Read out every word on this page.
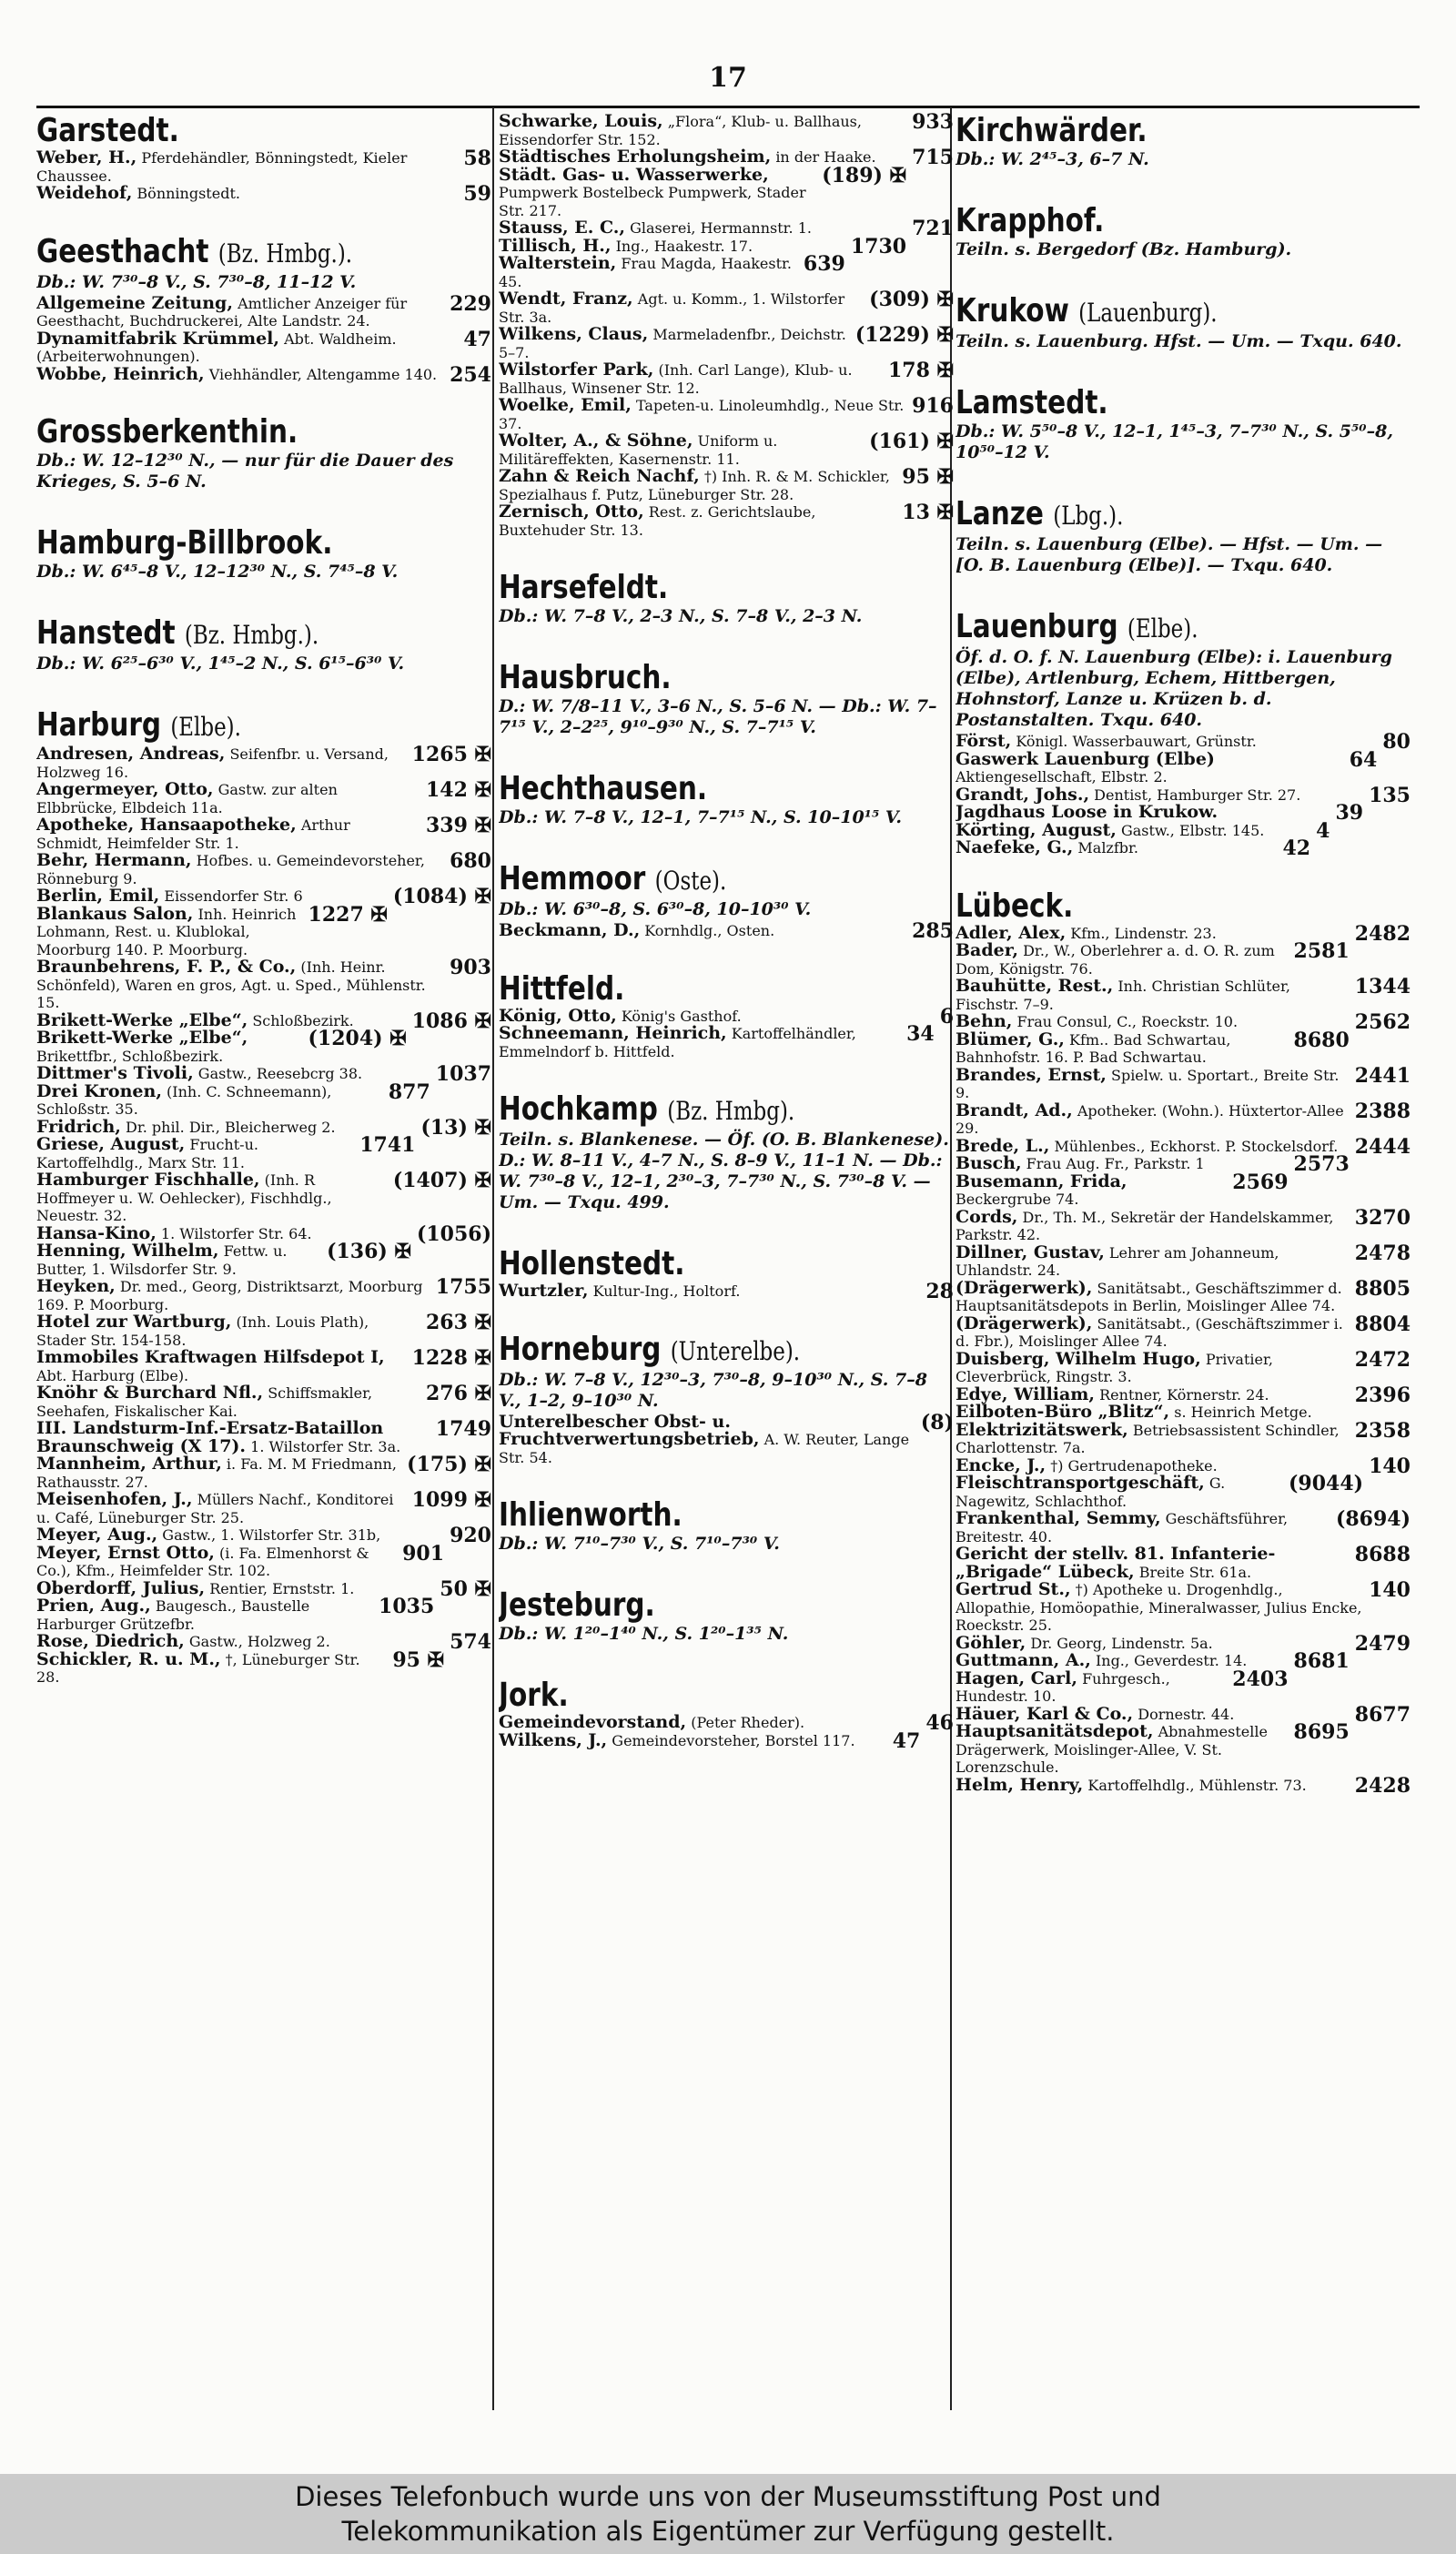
17
Garstedt.
58
Weber, H., Pferdehändler, Bönningstedt, Kieler Chaussee.
59
Weidehof, Bönningstedt.
Geesthacht (Bz. Hmbg.).
Db.: W. 7³⁰–8 V., S. 7³⁰–8, 11–12 V.
229
Allgemeine Zeitung, Amtlicher Anzeiger für Geesthacht, Buchdruckerei, Alte Landstr. 24.
47
Dynamitfabrik Krümmel, Abt. Waldheim. (Arbeiterwohnungen).
254
Wobbe, Heinrich, Viehhändler, Altengamme 140.
Grossberkenthin.
Db.: W. 12–12³⁰ N., — nur für die Dauer des Krieges, S. 5–6 N.
Hamburg-Billbrook.
Db.: W. 6⁴⁵–8 V., 12–12³⁰ N., S. 7⁴⁵–8 V.
Hanstedt (Bz. Hmbg.).
Db.: W. 6²⁵–6³⁰ V., 1⁴⁵–2 N., S. 6¹⁵–6³⁰ V.
Harburg (Elbe).
1265 ✠
Andresen, Andreas, Seifenfbr. u. Versand, Holzweg 16.
142 ✠
Angermeyer, Otto, Gastw. zur alten Elbbrücke, Elbdeich 11a.
339 ✠
Apotheke, Hansaapotheke, Arthur Schmidt, Heimfelder Str. 1.
680
Behr, Hermann, Hofbes. u. Gemeindevorsteher, Rönneburg 9.
(1084) ✠
Berlin, Emil, Eissendorfer Str. 6
1227 ✠
Blankaus Salon, Inh. Heinrich Lohmann, Rest. u. Klublokal, Moorburg 140. P. Moorburg.
903
Braunbehrens, F. P., & Co., (Inh. Heinr. Schönfeld), Waren en gros, Agt. u. Sped., Mühlenstr. 15.
1086 ✠
Brikett-Werke „Elbe“, Schloßbezirk.
(1204) ✠
Brikett-Werke „Elbe“, Brikettfbr., Schloßbezirk.
1037
Dittmer's Tivoli, Gastw., Reesebcrg 38.
877
Drei Kronen, (Inh. C. Schneemann), Schloßstr. 35.
(13) ✠
Fridrich, Dr. phil. Dir., Bleicherweg 2.
1741
Griese, August, Frucht-u. Kartoffelhdlg., Marx Str. 11.
(1407) ✠
Hamburger Fischhalle, (Inh. R Hoffmeyer u. W. Oehlecker), Fischhdlg., Neuestr. 32.
(1056)
Hansa-Kino, 1. Wilstorfer Str. 64.
(136) ✠
Henning, Wilhelm, Fettw. u. Butter, 1. Wilsdorfer Str. 9.
1755
Heyken, Dr. med., Georg, Distriktsarzt, Moorburg 169. P. Moorburg.
263 ✠
Hotel zur Wartburg, (Inh. Louis Plath), Stader Str. 154-158.
1228 ✠
Immobiles Kraftwagen Hilfsdepot I, Abt. Harburg (Elbe).
276 ✠
Knöhr & Burchard Nfl., Schiffsmakler, Seehafen, Fiskalischer Kai.
1749
III. Landsturm-Inf.-Ersatz-Bataillon Braunschweig (X 17). 1. Wilstorfer Str. 3a.
(175) ✠
Mannheim, Arthur, i. Fa. M. M Friedmann, Rathausstr. 27.
1099 ✠
Meisenhofen, J., Müllers Nachf., Konditorei u. Café, Lüneburger Str. 25.
920
Meyer, Aug., Gastw., 1. Wilstorfer Str. 31b,
901
Meyer, Ernst Otto, (i. Fa. Elmenhorst & Co.), Kfm., Heimfelder Str. 102.
50 ✠
Oberdorff, Julius, Rentier, Ernststr. 1.
1035
Prien, Aug., Baugesch., Baustelle Harburger Grützefbr.
574
Rose, Diedrich, Gastw., Holzweg 2.
95 ✠
Schickler, R. u. M., †, Lüneburger Str. 28.
933
Schwarke, Louis, „Flora“, Klub- u. Ballhaus, Eissendorfer Str. 152.
715
Städtisches Erholungsheim, in der Haake.
(189) ✠
Städt. Gas- u. Wasserwerke, Pumpwerk Bostelbeck Pumpwerk, Stader Str. 217.
721
Stauss, E. C., Glaserei, Hermannstr. 1.
1730
Tillisch, H., Ing., Haakestr. 17.
639
Walterstein, Frau Magda, Haakestr. 45.
(309) ✠
Wendt, Franz, Agt. u. Komm., 1. Wilstorfer Str. 3a.
(1229) ✠
Wilkens, Claus, Marmeladenfbr., Deichstr. 5–7.
178 ✠
Wilstorfer Park, (Inh. Carl Lange), Klub- u. Ballhaus, Winsener Str. 12.
916
Woelke, Emil, Tapeten-u. Linoleumhdlg., Neue Str. 37.
(161) ✠
Wolter, A., & Söhne, Uniform u. Militäreffekten, Kasernenstr. 11.
95 ✠
Zahn & Reich Nachf, †) Inh. R. & M. Schickler, Spezialhaus f. Putz, Lüneburger Str. 28.
13 ✠
Zernisch, Otto, Rest. z. Gerichtslaube, Buxtehuder Str. 13.
Harsefeldt.
Db.: W. 7–8 V., 2–3 N., S. 7–8 V., 2–3 N.
Hausbruch.
D.: W. 7/8–11 V., 3–6 N., S. 5–6 N. — Db.: W. 7–7¹⁵ V., 2–2²⁵, 9¹⁰–9³⁰ N., S. 7–7¹⁵ V.
Hechthausen.
Db.: W. 7–8 V., 12–1, 7–7¹⁵ N., S. 10–10¹⁵ V.
Hemmoor (Oste).
Db.: W. 6³⁰–8, S. 6³⁰–8, 10–10³⁰ V.
285
Beckmann, D., Kornhdlg., Osten.
Hittfeld.
6
König, Otto, König's Gasthof.
34
Schneemann, Heinrich, Kartoffelhändler, Emmelndorf b. Hittfeld.
Hochkamp (Bz. Hmbg).
Teiln. s. Blankenese. — Öf. (O. B. Blankenese). D.: W. 8–11 V., 4–7 N., S. 8–9 V., 11–1 N. — Db.: W. 7³⁰–8 V., 12–1, 2³⁰–3, 7–7³⁰ N., S. 7³⁰–8 V. — Um. — Txqu. 499.
Hollenstedt.
28
Wurtzler, Kultur-Ing., Holtorf.
Horneburg (Unterelbe).
Db.: W. 7–8 V., 12³⁰–3, 7³⁰–8, 9–10³⁰ N., S. 7–8 V., 1–2, 9–10³⁰ N.
(8)
Unterelbescher Obst- u. Fruchtverwertungsbetrieb, A. W. Reuter, Lange Str. 54.
Ihlienworth.
Db.: W. 7¹⁰–7³⁰ V., S. 7¹⁰–7³⁰ V.
Jesteburg.
Db.: W. 1²⁰–1⁴⁰ N., S. 1²⁰–1³⁵ N.
Jork.
46
Gemeindevorstand, (Peter Rheder).
47
Wilkens, J., Gemeindevorsteher, Borstel 117.
Kirchwärder.
Db.: W. 2⁴⁵–3, 6–7 N.
Krapphof.
Teiln. s. Bergedorf (Bz. Hamburg).
Krukow (Lauenburg).
Teiln. s. Lauenburg. Hfst. — Um. — Txqu. 640.
Lamstedt.
Db.: W. 5⁵⁰–8 V., 12–1, 1⁴⁵–3, 7–7³⁰ N., S. 5⁵⁰–8, 10⁵⁰–12 V.
Lanze (Lbg.).
Teiln. s. Lauenburg (Elbe). — Hfst. — Um. — [O. B. Lauenburg (Elbe)]. — Txqu. 640.
Lauenburg (Elbe).
Öf. d. O. f. N. Lauenburg (Elbe): i. Lauenburg (Elbe), Artlenburg, Echem, Hittbergen, Hohnstorf, Lanze u. Krüzen b. d. Postanstalten. Txqu. 640.
80
Först, Königl. Wasserbauwart, Grünstr.
64
Gaswerk Lauenburg (Elbe) Aktiengesellschaft, Elbstr. 2.
135
Grandt, Johs., Dentist, Hamburger Str. 27.
39
Jagdhaus Loose in Krukow.
4
Körting, August, Gastw., Elbstr. 145.
42
Naefeke, G., Malzfbr.
Lübeck.
2482
Adler, Alex, Kfm., Lindenstr. 23.
2581
Bader, Dr., W., Oberlehrer a. d. O. R. zum Dom, Königstr. 76.
1344
Bauhütte, Rest., Inh. Christian Schlüter, Fischstr. 7–9.
2562
Behn, Frau Consul, C., Roeckstr. 10.
8680
Blümer, G., Kfm.. Bad Schwartau, Bahnhofstr. 16. P. Bad Schwartau.
2441
Brandes, Ernst, Spielw. u. Sportart., Breite Str. 9.
2388
Brandt, Ad., Apotheker. (Wohn.). Hüxtertor-Allee 29.
2444
Brede, L., Mühlenbes., Eckhorst. P. Stockelsdorf.
2573
Busch, Frau Aug. Fr., Parkstr. 1
2569
Busemann, Frida, Beckergrube 74.
3270
Cords, Dr., Th. M., Sekretär der Handelskammer, Parkstr. 42.
2478
Dillner, Gustav, Lehrer am Johanneum, Uhlandstr. 24.
8805
(Drägerwerk), Sanitätsabt., Geschäftszimmer d. Hauptsanitätsdepots in Berlin, Moislinger Allee 74.
8804
(Drägerwerk), Sanitätsabt., (Geschäftszimmer i. d. Fbr.), Moislinger Allee 74.
2472
Duisberg, Wilhelm Hugo, Privatier, Cleverbrück, Ringstr. 3.
2396
Edye, William, Rentner, Körnerstr. 24.
Eilboten-Büro „Blitz“, s. Heinrich Metge.
2358
Elektrizitätswerk, Betriebsassistent Schindler, Charlottenstr. 7a.
140
Encke, J., †) Gertrudenapotheke.
(9044)
Fleischtransportgeschäft, G. Nagewitz, Schlachthof.
(8694)
Frankenthal, Semmy, Geschäftsführer, Breitestr. 40.
8688
Gericht der stellv. 81. Infanterie-„Brigade“ Lübeck, Breite Str. 61a.
140
Gertrud St., †) Apotheke u. Drogenhdlg., Allopathie, Homöopathie, Mineralwasser, Julius Encke, Roeckstr. 25.
2479
Göhler, Dr. Georg, Lindenstr. 5a.
8681
Guttmann, A., Ing., Geverdestr. 14.
2403
Hagen, Carl, Fuhrgesch., Hundestr. 10.
8677
Häuer, Karl & Co., Dornestr. 44.
8695
Hauptsanitätsdepot, Abnahmestelle Drägerwerk, Moislinger-Allee, V. St. Lorenzschule.
2428
Helm, Henry, Kartoffelhdlg., Mühlenstr. 73.
Dieses Telefonbuch wurde uns von der Museumsstiftung Post und
Telekommunikation als Eigentümer zur Verfügung gestellt.
